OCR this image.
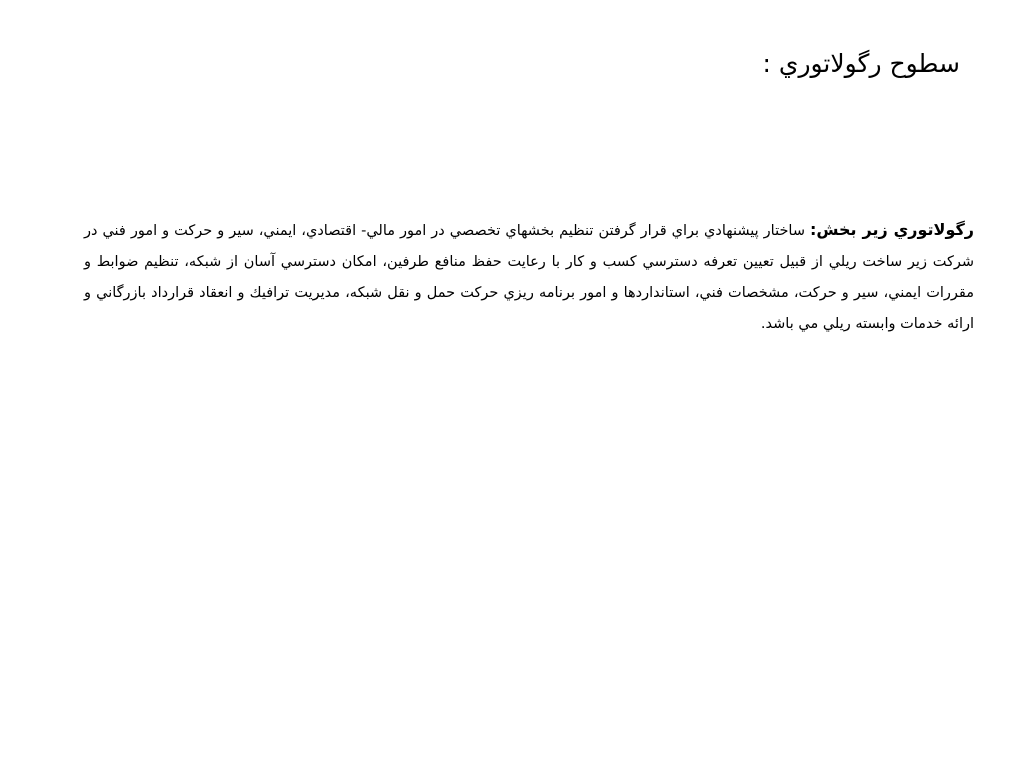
سطوح رگولاتوري :
رگولاتوري زير بخش: ساختار پيشنهادي براي قرار گرفتن تنظيم بخشهاي تخصصي در امور مالي- اقتصادي، ايمني، سير و حركت و امور فني در شركت زير ساخت ريلي از قبيل تعيين تعرفه دسترسي كسب و كار با رعايت حفظ منافع طرفين، امكان دسترسي آسان از شبكه، تنظيم ضوابط و مقررات ايمني، سير و حركت، مشخصات فني، استانداردها و امور برنامه ريزي حركت حمل و نقل شبكه، مديريت ترافيك و انعقاد قرارداد بازرگاني و ارائه خدمات وابسته ريلي مي باشد.
